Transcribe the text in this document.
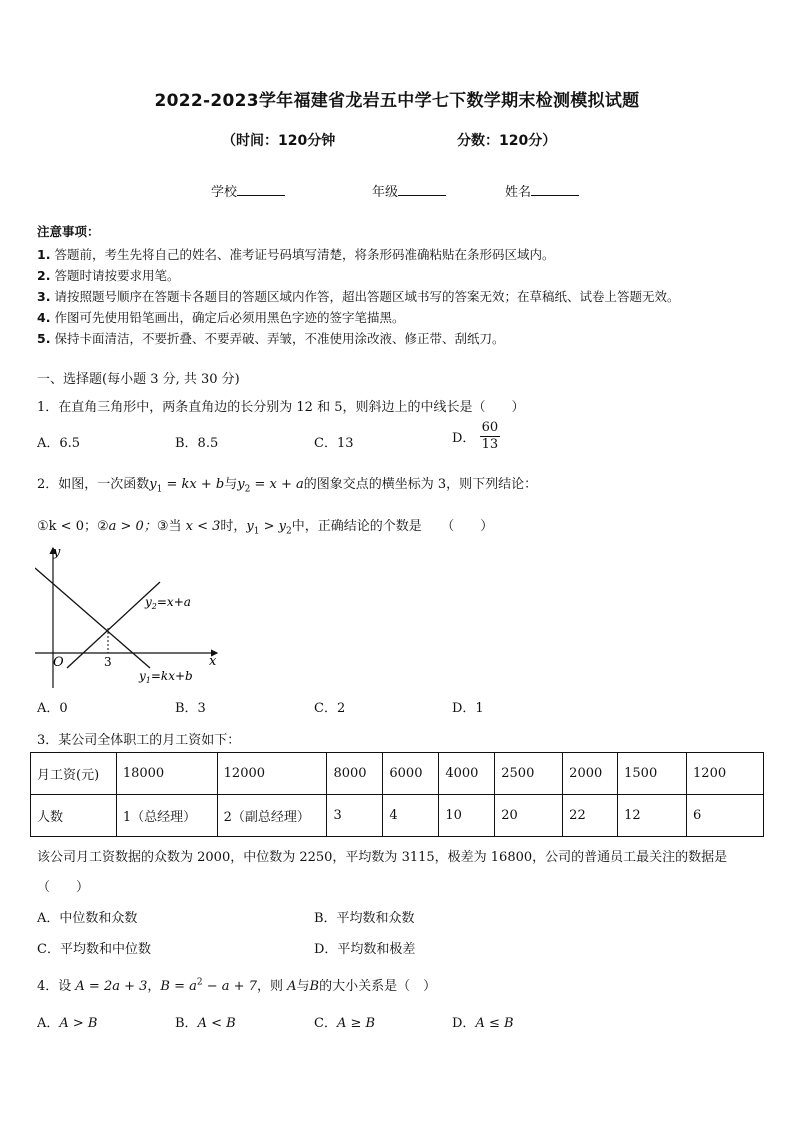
2022-2023学年福建省龙岩五中学七下数学期末检测模拟试题
（时间：120分钟	分数：120分）
学校	年级	姓名
注意事项：
1. 答题前，考生先将自己的姓名、准考证号码填写清楚，将条形码准确粘贴在条形码区域内。
2. 答题时请按要求用笔。
3. 请按照题号顺序在答题卡各题目的答题区域内作答，超出答题区域书写的答案无效；在草稿纸、试卷上答题无效。
4. 作图可先使用铅笔画出，确定后必须用黑色字迹的签字笔描黑。
5. 保持卡面清洁，不要折叠、不要弄破、弄皱，不准使用涂改液、修正带、刮纸刀。
一、选择题(每小题 3 分, 共 30 分)
1．在直角三角形中，两条直角边的长分别为 12 和 5，则斜边上的中线长是（　　）
A．6.5	B．8.5	C．13	D． $\frac{60}{13}$
2．如图，一次函数$y_1$ = kx + b与$y_2 = x + a$的图象交点的横坐标为 3，则下列结论：
①k < 0；②a > 0；③当 x < 3时，$y_1 > y_2$中，正确结论的个数是　　（　　）
y
x
O	3
$y_2=x+a$
$y_1=kx+b$
A．0	B．3	C．2	D．1
3．某公司全体职工的月工资如下：
月工资(元)	18000	12000	8000	6000	4000	2500	2000	1500	1200
人数	1（总经理）	2（副总经理）	3	4	10	20	22	12	6
该公司月工资数据的众数为 2000，中位数为 2250，平均数为 3115，极差为 16800，公司的普通员工最关注的数据是
（　　）
A．中位数和众数	B．平均数和众数
C．平均数和中位数	D．平均数和极差
4．设 A = 2a + 3，$B = a^2 - a + 7$，则 A与B的大小关系是（　）
A．A > B	B．A < B	C．A ≥ B	D．A ≤ B
